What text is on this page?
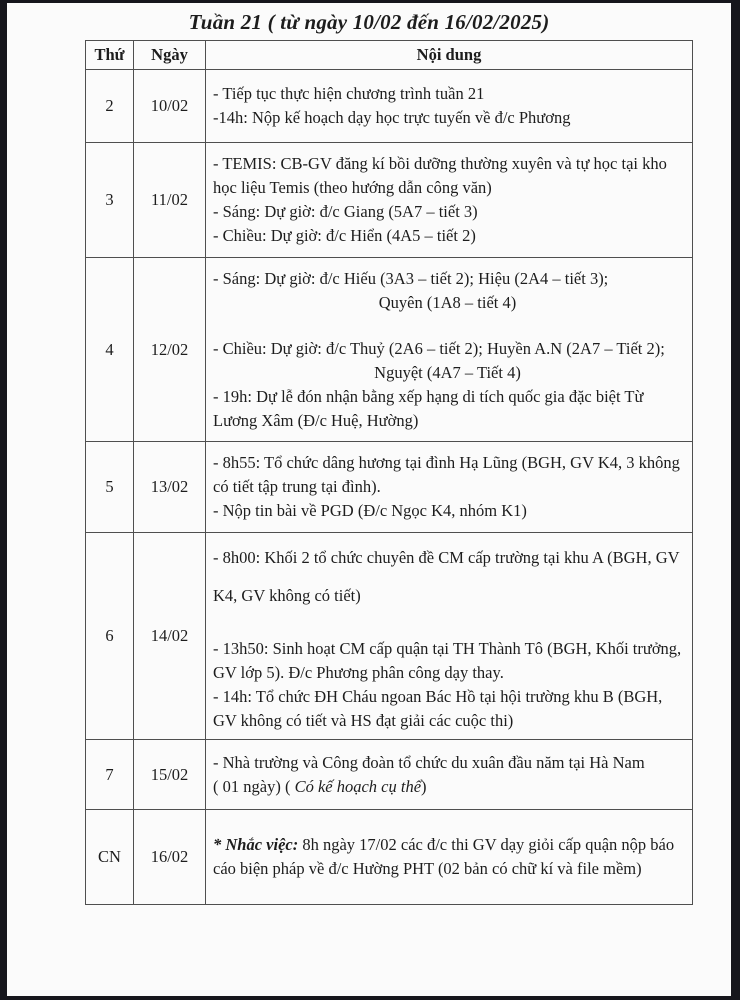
Tuần 21 ( từ ngày 10/02 đến 16/02/2025)
Thứ	Ngày	Nội dung
2	10/02	- Tiếp tục thực hiện chương trình tuần 21
-14h: Nộp kế hoạch dạy học trực tuyến về đ/c Phương

3	11/02	- TEMIS: CB-GV đăng kí bồi dưỡng thường xuyên và tự học tại kho học liệu Temis (theo hướng dẫn công văn)
- Sáng: Dự giờ: đ/c Giang (5A7 – tiết 3)
- Chiều: Dự giờ: đ/c Hiển (4A5 – tiết 2)

4	12/02	- Sáng: Dự giờ: đ/c Hiếu (3A3 – tiết 2); Hiệu (2A4 – tiết 3);
Quyên (1A8 – tiết 4)
- Chiều: Dự giờ: đ/c Thuỷ (2A6 – tiết 2); Huyền A.N (2A7 – Tiết 2);
Nguyệt (4A7 – Tiết 4)
- 19h: Dự lễ đón nhận bằng xếp hạng di tích quốc gia đặc biệt Từ Lương Xâm (Đ/c Huệ, Hường)

5	13/02	- 8h55: Tổ chức dâng hương tại đình Hạ Lũng (BGH, GV K4, 3 không có tiết tập trung tại đình).
- Nộp tin bài về PGD (Đ/c Ngọc K4, nhóm K1)

6	14/02	- 8h00: Khối 2 tổ chức chuyên đề CM cấp trường tại khu A (BGH, GV K4, GV không có tiết)
- 13h50: Sinh hoạt CM cấp quận tại TH Thành Tô (BGH, Khối trưởng, GV lớp 5). Đ/c Phương phân công dạy thay.
- 14h: Tổ chức ĐH Cháu ngoan Bác Hồ tại hội trường khu B (BGH, GV không có tiết và HS đạt giải các cuộc thi)

7	15/02	- Nhà trường và Công đoàn tổ chức du xuân đầu năm tại Hà Nam
( 01 ngày) ( Có kế hoạch cụ thể)

CN	16/02	* Nhắc việc: 8h ngày 17/02 các đ/c thi GV dạy giỏi cấp quận nộp báo cáo biện pháp về đ/c Hường PHT (02 bản có chữ kí và file mềm)
